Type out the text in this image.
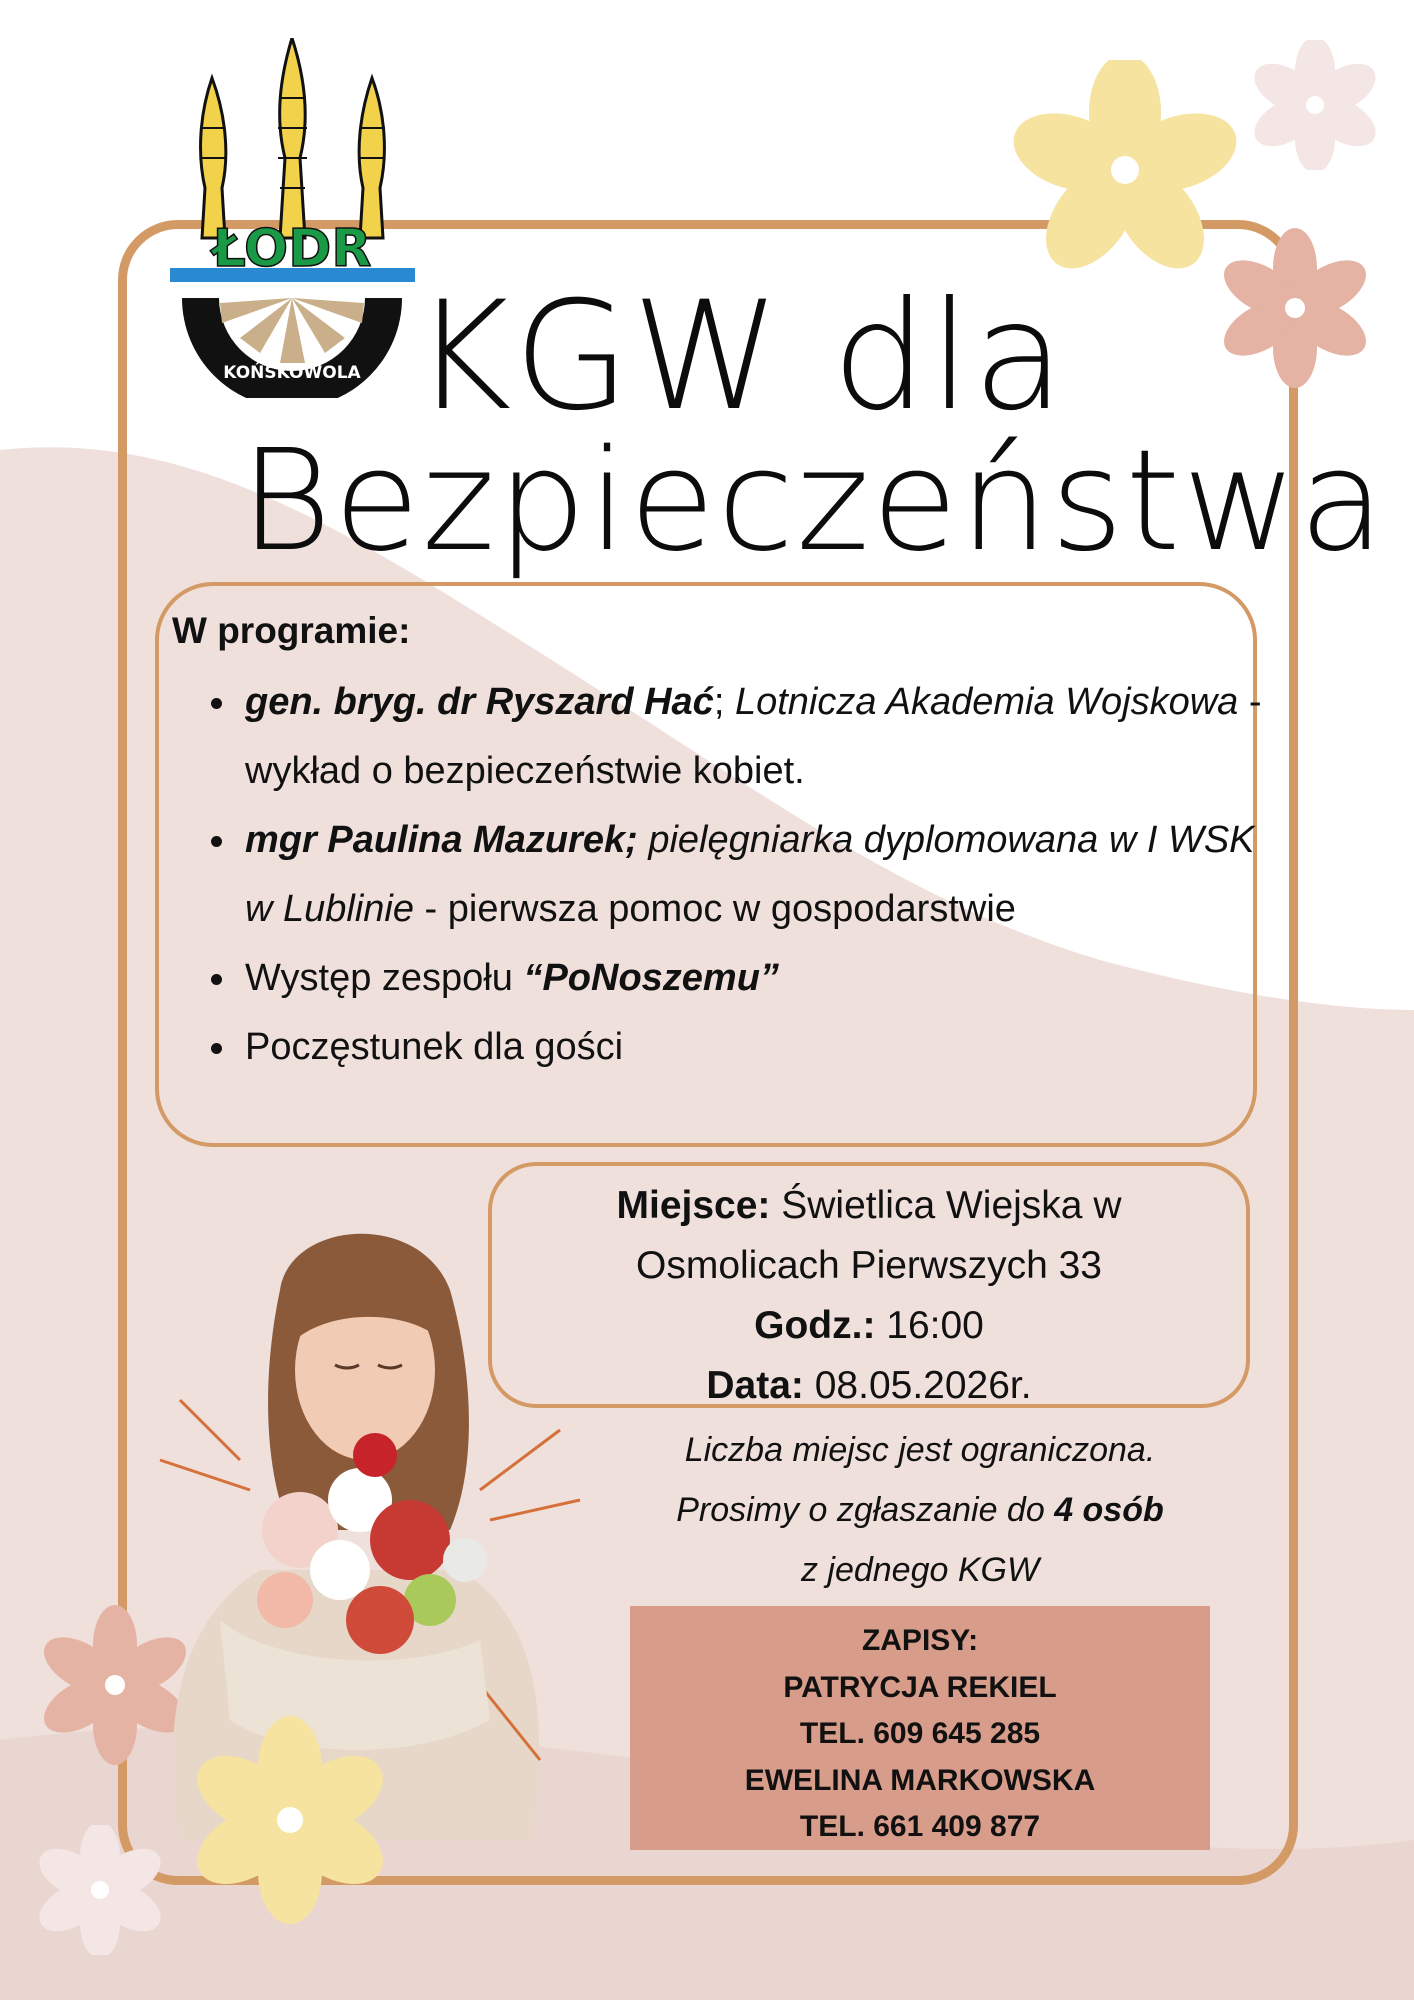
ŁODR
KOŃSKOWOLA KGW dla
Bezpieczeństwa
W programie:
gen. bryg. dr Ryszard Hać; Lotnicza Akademia Wojskowa - wykład o bezpieczeństwie kobiet.
mgr Paulina Mazurek; pielęgniarka dyplomowana w I WSK w Lublinie - pierwsza pomoc w gospodarstwie
Występ zespołu “PoNoszemu”
Poczęstunek dla gości
Miejsce: Świetlica Wiejska w
Osmolicach Pierwszych 33
Godz.: 16:00
Data: 08.05.2026r.
Liczba miejsc jest ograniczona.
Prosimy o zgłaszanie do 4 osób
z jednego KGW
ZAPISY:
PATRYCJA REKIEL
TEL. 609 645 285
EWELINA MARKOWSKA
TEL. 661 409 877
